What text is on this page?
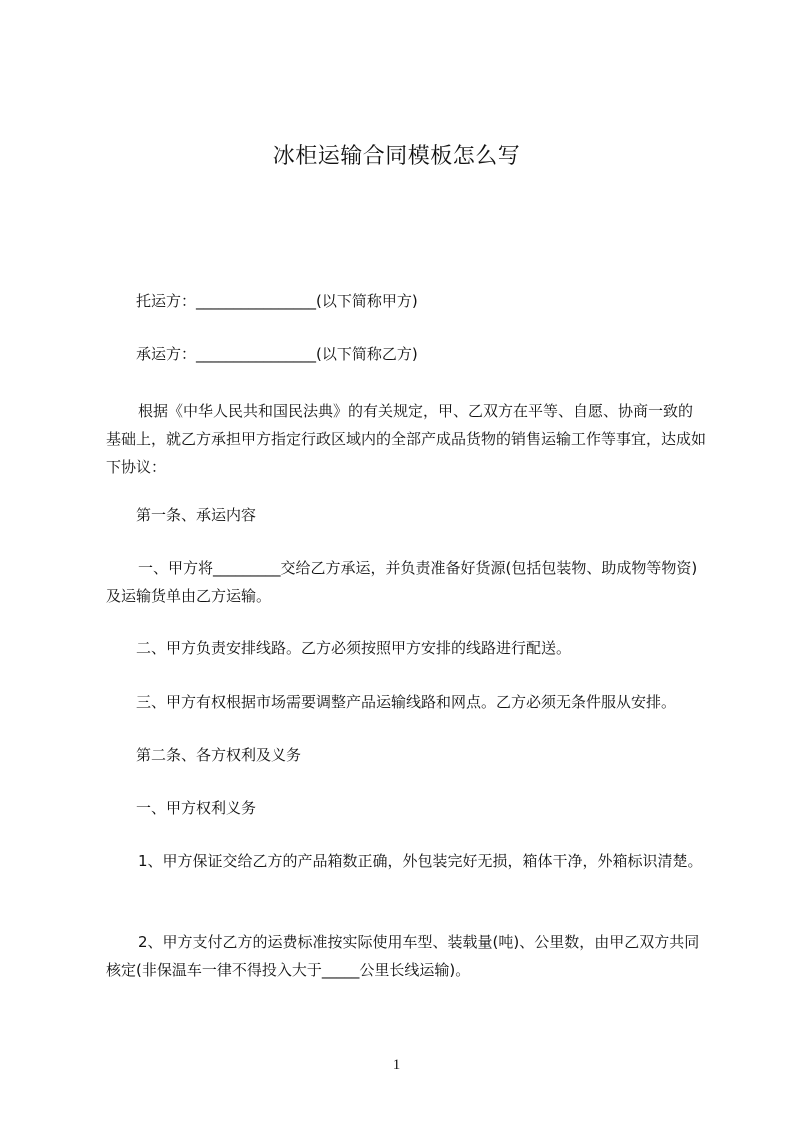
冰柜运输合同模板怎么写
托运方：________________(以下简称甲方)
承运方：________________(以下简称乙方)
根据《中华人民共和国民法典》的有关规定，甲、乙双方在平等、自愿、协商一致的基础上，就乙方承担甲方指定行政区域内的全部产成品货物的销售运输工作等事宜，达成如下协议：
第一条、承运内容
一、甲方将_________交给乙方承运，并负责准备好货源(包括包装物、助成物等物资)及运输货单由乙方运输。
二、甲方负责安排线路。乙方必须按照甲方安排的线路进行配送。
三、甲方有权根据市场需要调整产品运输线路和网点。乙方必须无条件服从安排。
第二条、各方权利及义务
一、甲方权利义务
1、甲方保证交给乙方的产品箱数正确，外包装完好无损，箱体干净，外箱标识清楚。
2、甲方支付乙方的运费标准按实际使用车型、装载量(吨)、公里数，由甲乙双方共同核定(非保温车一律不得投入大于_____公里长线运输)。
1
